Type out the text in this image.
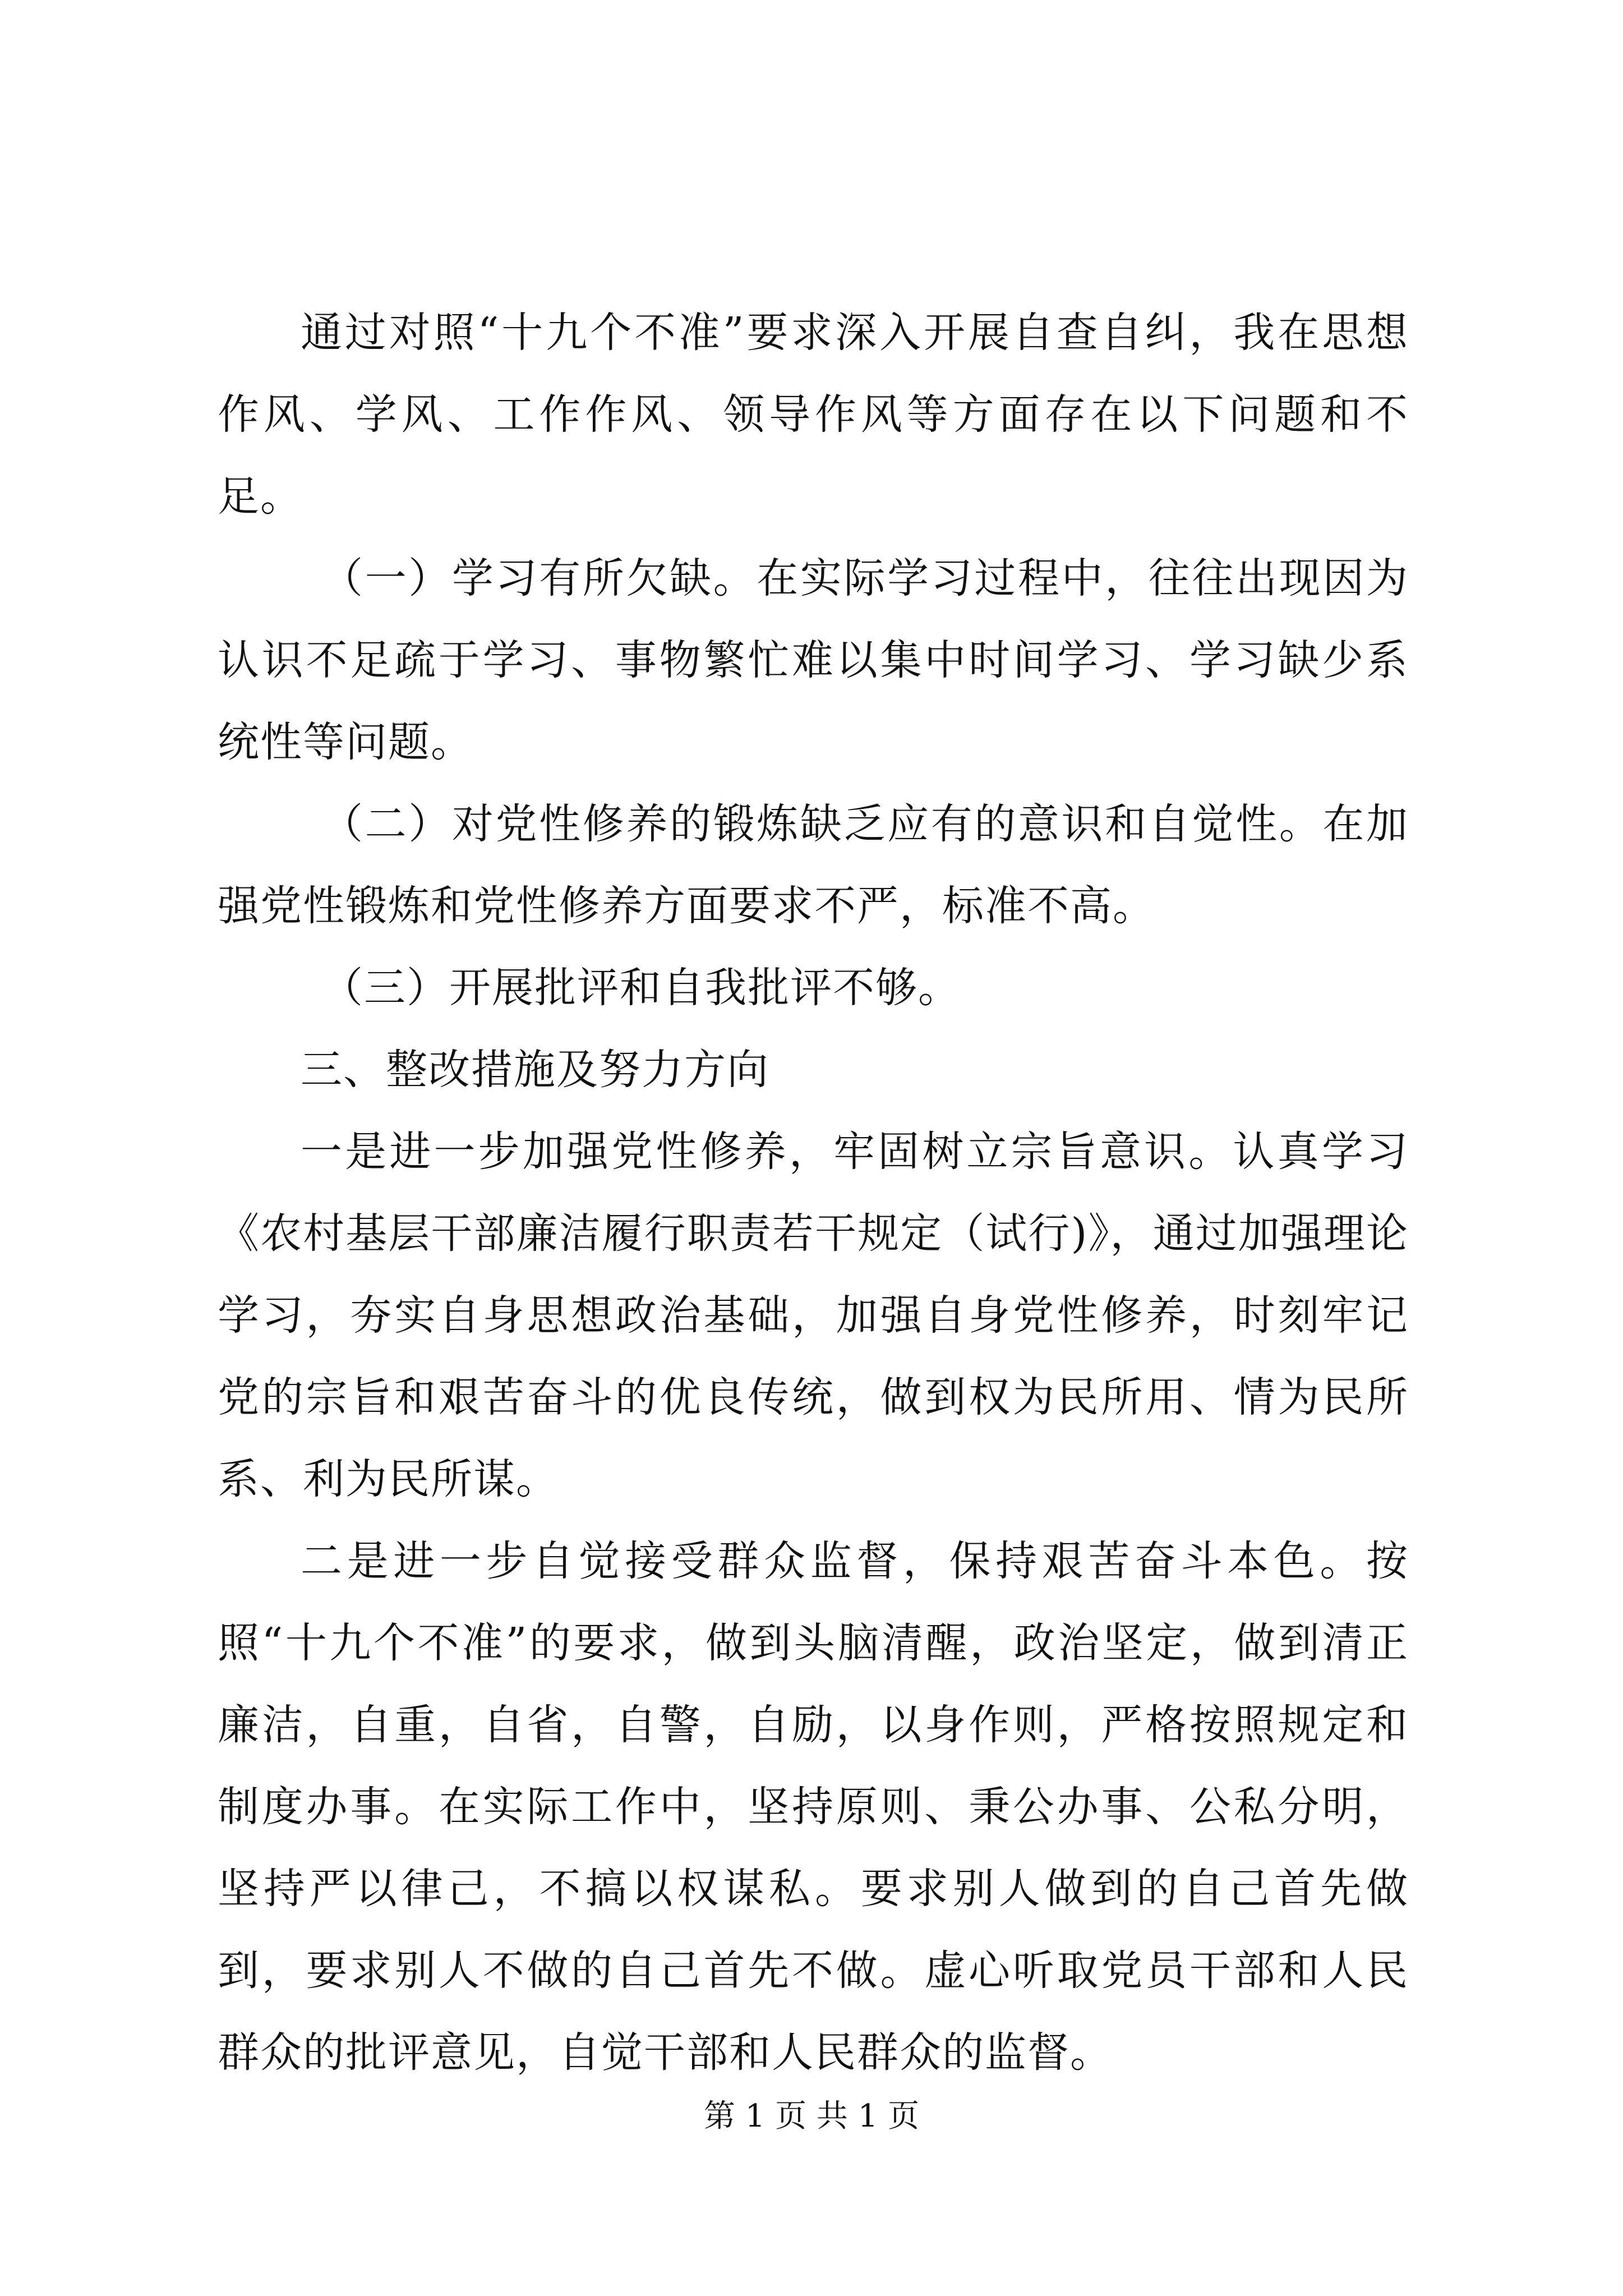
通过对照“十九个不准”要求深入开展自查自纠，我在思想作风、学风、工作作风、领导作风等方面存在以下问题和不足。

（一）学习有所欠缺。在实际学习过程中，往往出现因为认识不足疏于学习、事物繁忙难以集中时间学习、学习缺少系统性等问题。

（二）对党性修养的锻炼缺乏应有的意识和自觉性。在加强党性锻炼和党性修养方面要求不严，标准不高。

（三）开展批评和自我批评不够。

三、整改措施及努力方向

一是进一步加强党性修养，牢固树立宗旨意识。认真学习《农村基层干部廉洁履行职责若干规定（试行)》，通过加强理论学习，夯实自身思想政治基础，加强自身党性修养，时刻牢记党的宗旨和艰苦奋斗的优良传统，做到权为民所用、情为民所系、利为民所谋。

二是进一步自觉接受群众监督，保持艰苦奋斗本色。按照“十九个不准”的要求，做到头脑清醒，政治坚定，做到清正廉洁，自重，自省，自警，自励，以身作则，严格按照规定和制度办事。在实际工作中，坚持原则、秉公办事、公私分明，坚持严以律己，不搞以权谋私。要求别人做到的自己首先做到，要求别人不做的自己首先不做。虚心听取党员干部和人民群众的批评意见，自觉干部和人民群众的监督。

第 1 页 共 1 页
